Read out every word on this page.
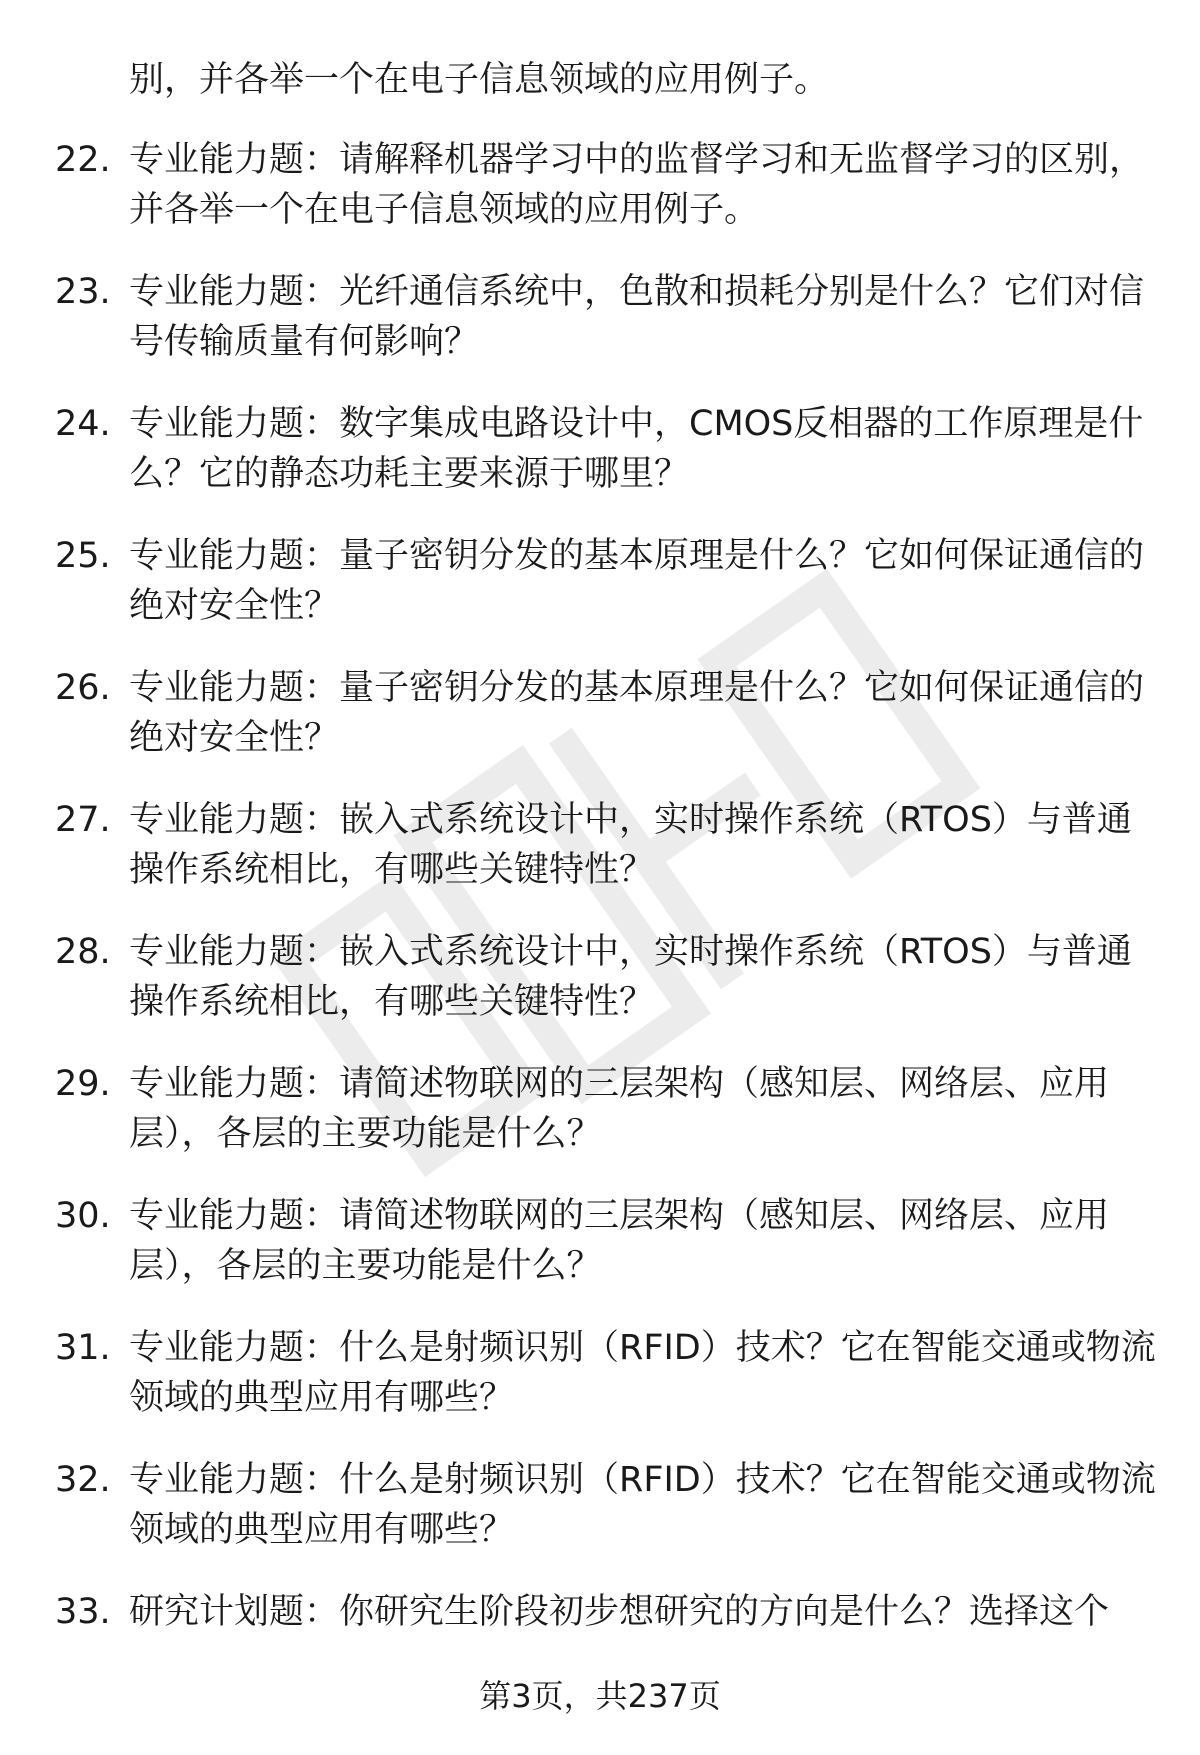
别，并各举一个在电子信息领域的应用例子。
22. 专业能力题：请解释机器学习中的监督学习和无监督学习的区别，并各举一个在电子信息领域的应用例子。
23. 专业能力题：光纤通信系统中，色散和损耗分别是什么？它们对信号传输质量有何影响？
24. 专业能力题：数字集成电路设计中，CMOS反相器的工作原理是什么？它的静态功耗主要来源于哪里？
25. 专业能力题：量子密钥分发的基本原理是什么？它如何保证通信的绝对安全性？
26. 专业能力题：量子密钥分发的基本原理是什么？它如何保证通信的绝对安全性？
27. 专业能力题：嵌入式系统设计中，实时操作系统（RTOS）与普通操作系统相比，有哪些关键特性？
28. 专业能力题：嵌入式系统设计中，实时操作系统（RTOS）与普通操作系统相比，有哪些关键特性？
29. 专业能力题：请简述物联网的三层架构（感知层、网络层、应用层），各层的主要功能是什么？
30. 专业能力题：请简述物联网的三层架构（感知层、网络层、应用层），各层的主要功能是什么？
31. 专业能力题：什么是射频识别（RFID）技术？它在智能交通或物流领域的典型应用有哪些？
32. 专业能力题：什么是射频识别（RFID）技术？它在智能交通或物流领域的典型应用有哪些？
33. 研究计划题：你研究生阶段初步想研究的方向是什么？选择这个
第3页，共237页
